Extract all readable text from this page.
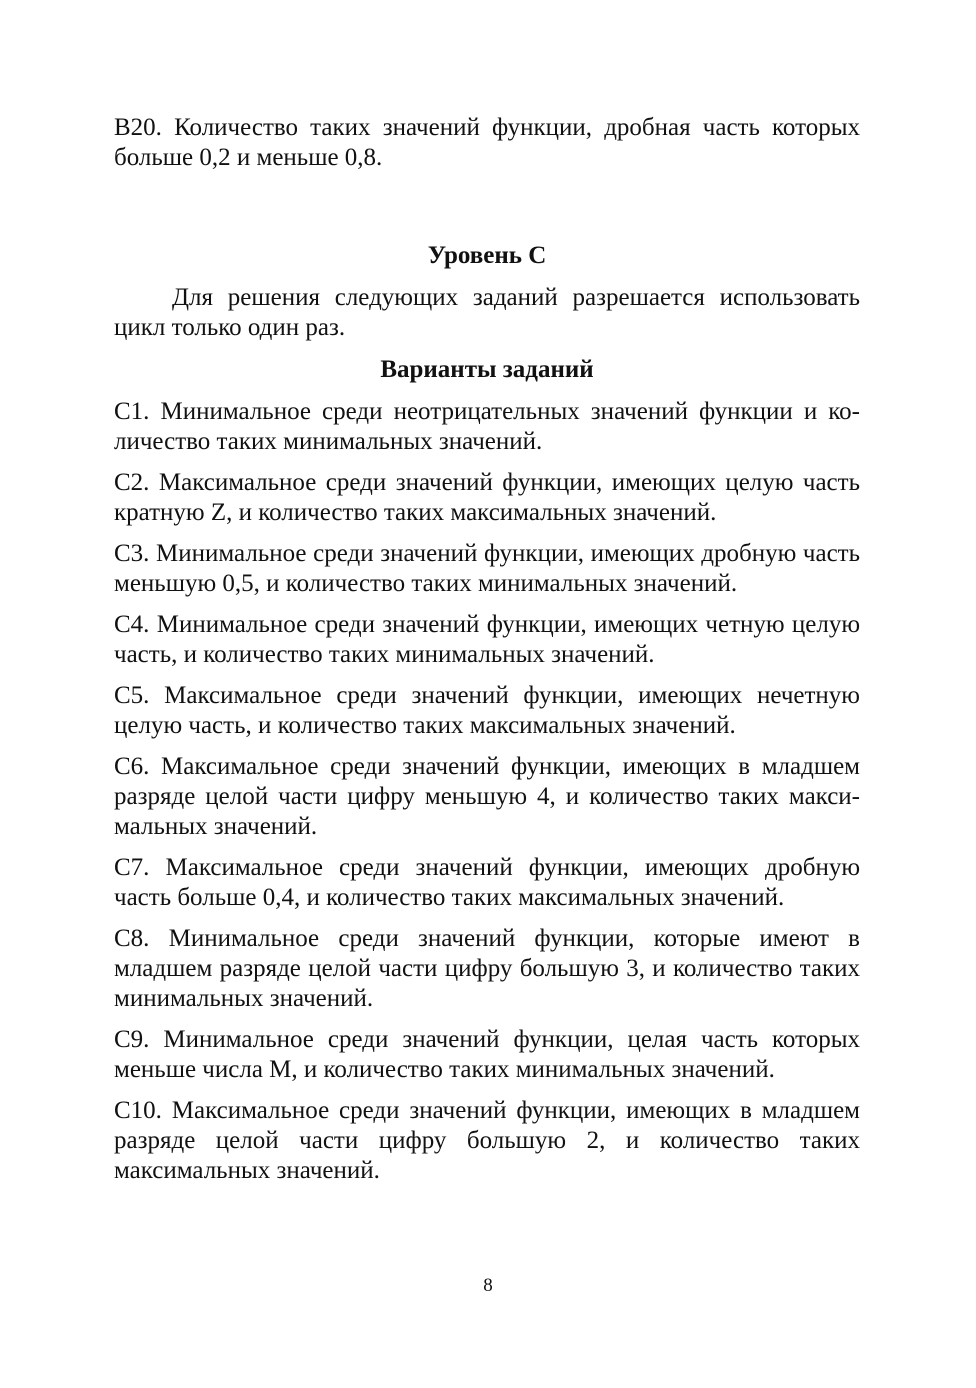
В20. Количество таких значений функции, дробная часть которых больше 0,2 и меньше 0,8.

Уровень С

Для решения следующих заданий разрешается использовать цикл только один раз.

Варианты заданий

С1. Минимальное среди неотрицательных значений функции и количество таких минимальных значений.
С2. Максимальное среди значений функции, имеющих целую часть кратную Z, и количество таких максимальных значений.
С3. Минимальное среди значений функции, имеющих дробную часть меньшую 0,5, и количество таких минимальных значений.
С4. Минимальное среди значений функции, имеющих четную целую часть, и количество таких минимальных значений.
С5. Максимальное среди значений функции, имеющих нечетную целую часть, и количество таких максимальных значений.
С6. Максимальное среди значений функции, имеющих в младшем разряде целой части цифру меньшую 4, и количество таких максимальных значений.
С7. Максимальное среди значений функции, имеющих дробную часть больше 0,4, и количество таких максимальных значений.
С8. Минимальное среди значений функции, которые имеют в младшем разряде целой части цифру большую 3, и количество таких минимальных значений.
С9. Минимальное среди значений функции, целая часть которых меньше числа М, и количество таких минимальных значений.
С10. Максимальное среди значений функции, имеющих в младшем разряде целой части цифру большую 2, и количество таких максимальных значений.
8
